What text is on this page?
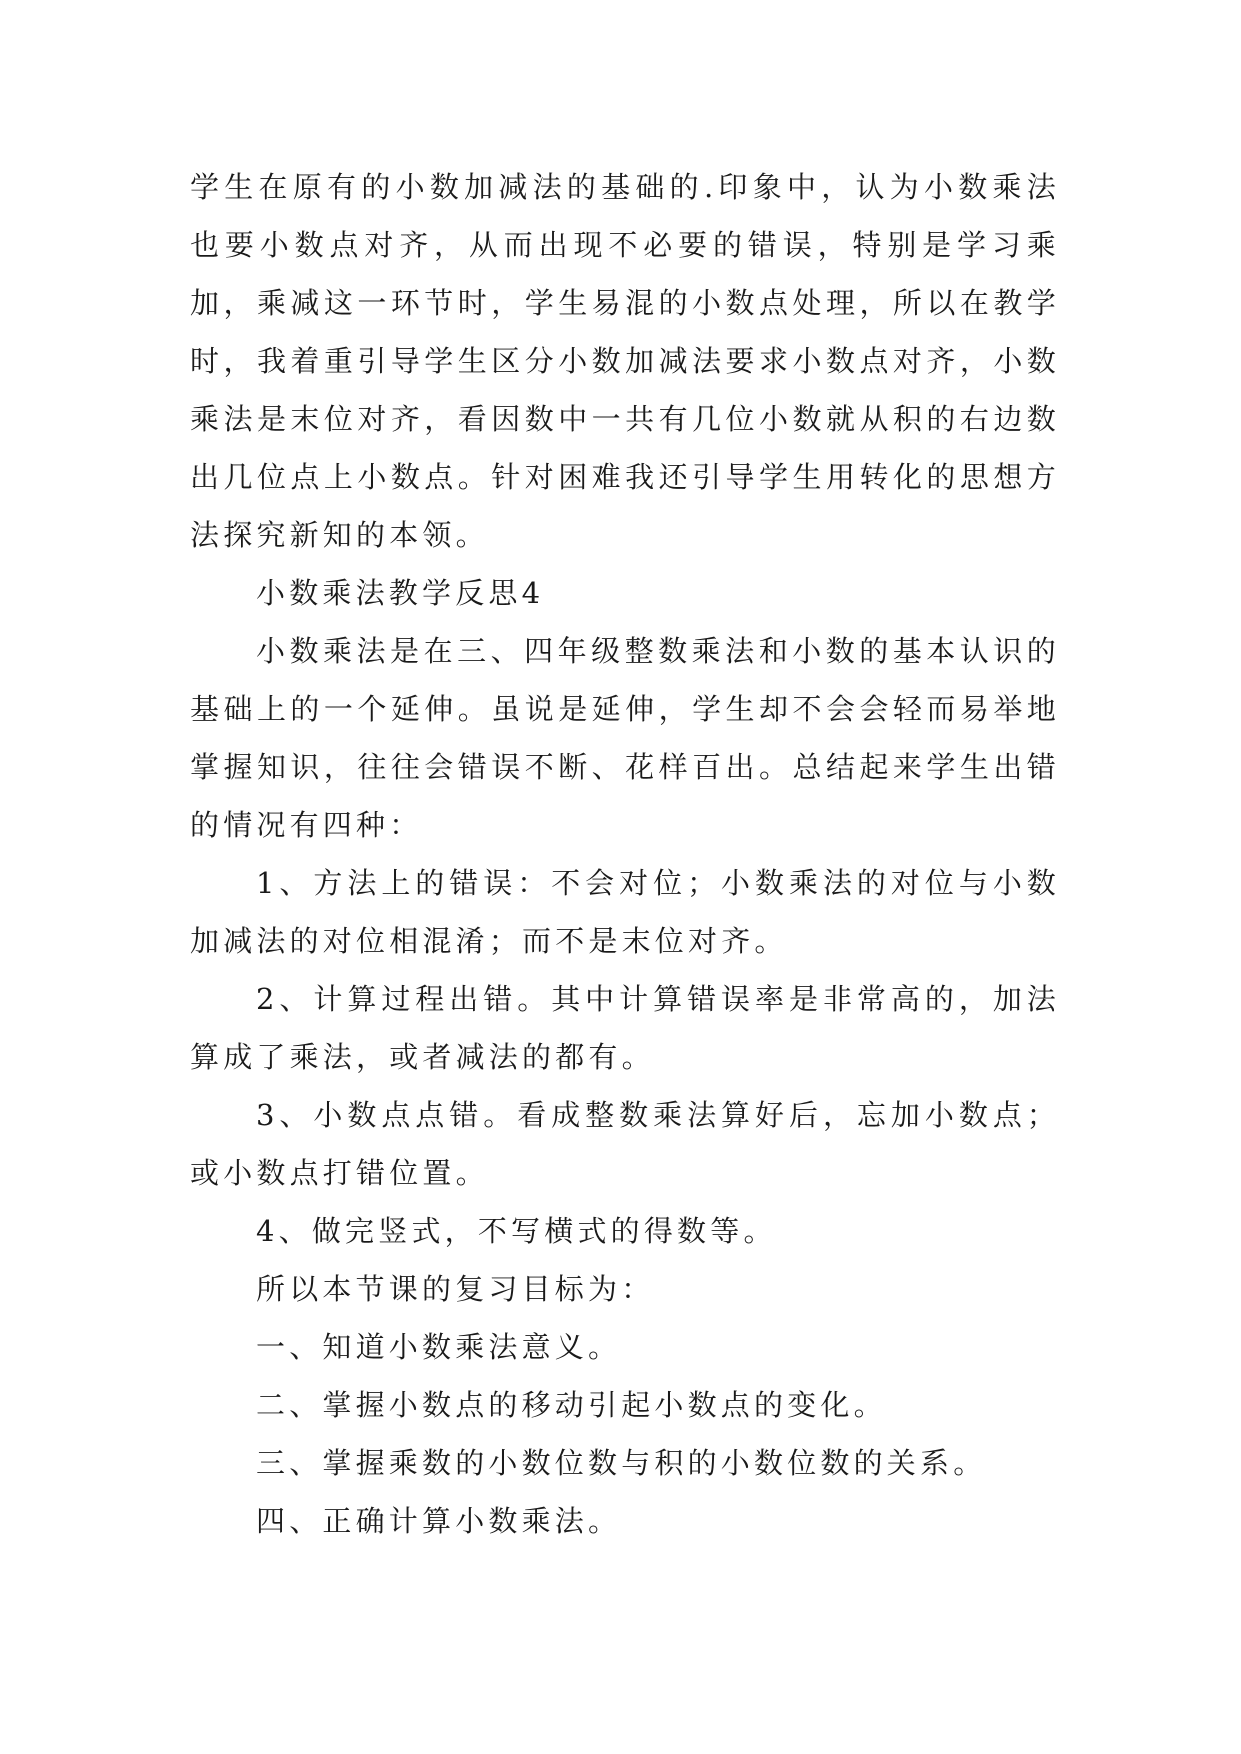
学生在原有的小数加减法的基础的.印象中，认为小数乘法也要小数点对齐，从而出现不必要的错误，特别是学习乘加，乘减这一环节时，学生易混的小数点处理，所以在教学时，我着重引导学生区分小数加减法要求小数点对齐，小数乘法是末位对齐，看因数中一共有几位小数就从积的右边数出几位点上小数点。针对困难我还引导学生用转化的思想方法探究新知的本领。

小数乘法教学反思4

小数乘法是在三、四年级整数乘法和小数的基本认识的基础上的一个延伸。虽说是延伸，学生却不会会轻而易举地掌握知识，往往会错误不断、花样百出。总结起来学生出错的情况有四种：

1、方法上的错误：不会对位；小数乘法的对位与小数加减法的对位相混淆；而不是末位对齐。

2、计算过程出错。其中计算错误率是非常高的，加法算成了乘法，或者减法的都有。

3、小数点点错。看成整数乘法算好后，忘加小数点；或小数点打错位置。

4、做完竖式，不写横式的得数等。

所以本节课的复习目标为：

一、知道小数乘法意义。

二、掌握小数点的移动引起小数点的变化。

三、掌握乘数的小数位数与积的小数位数的关系。

四、正确计算小数乘法。
